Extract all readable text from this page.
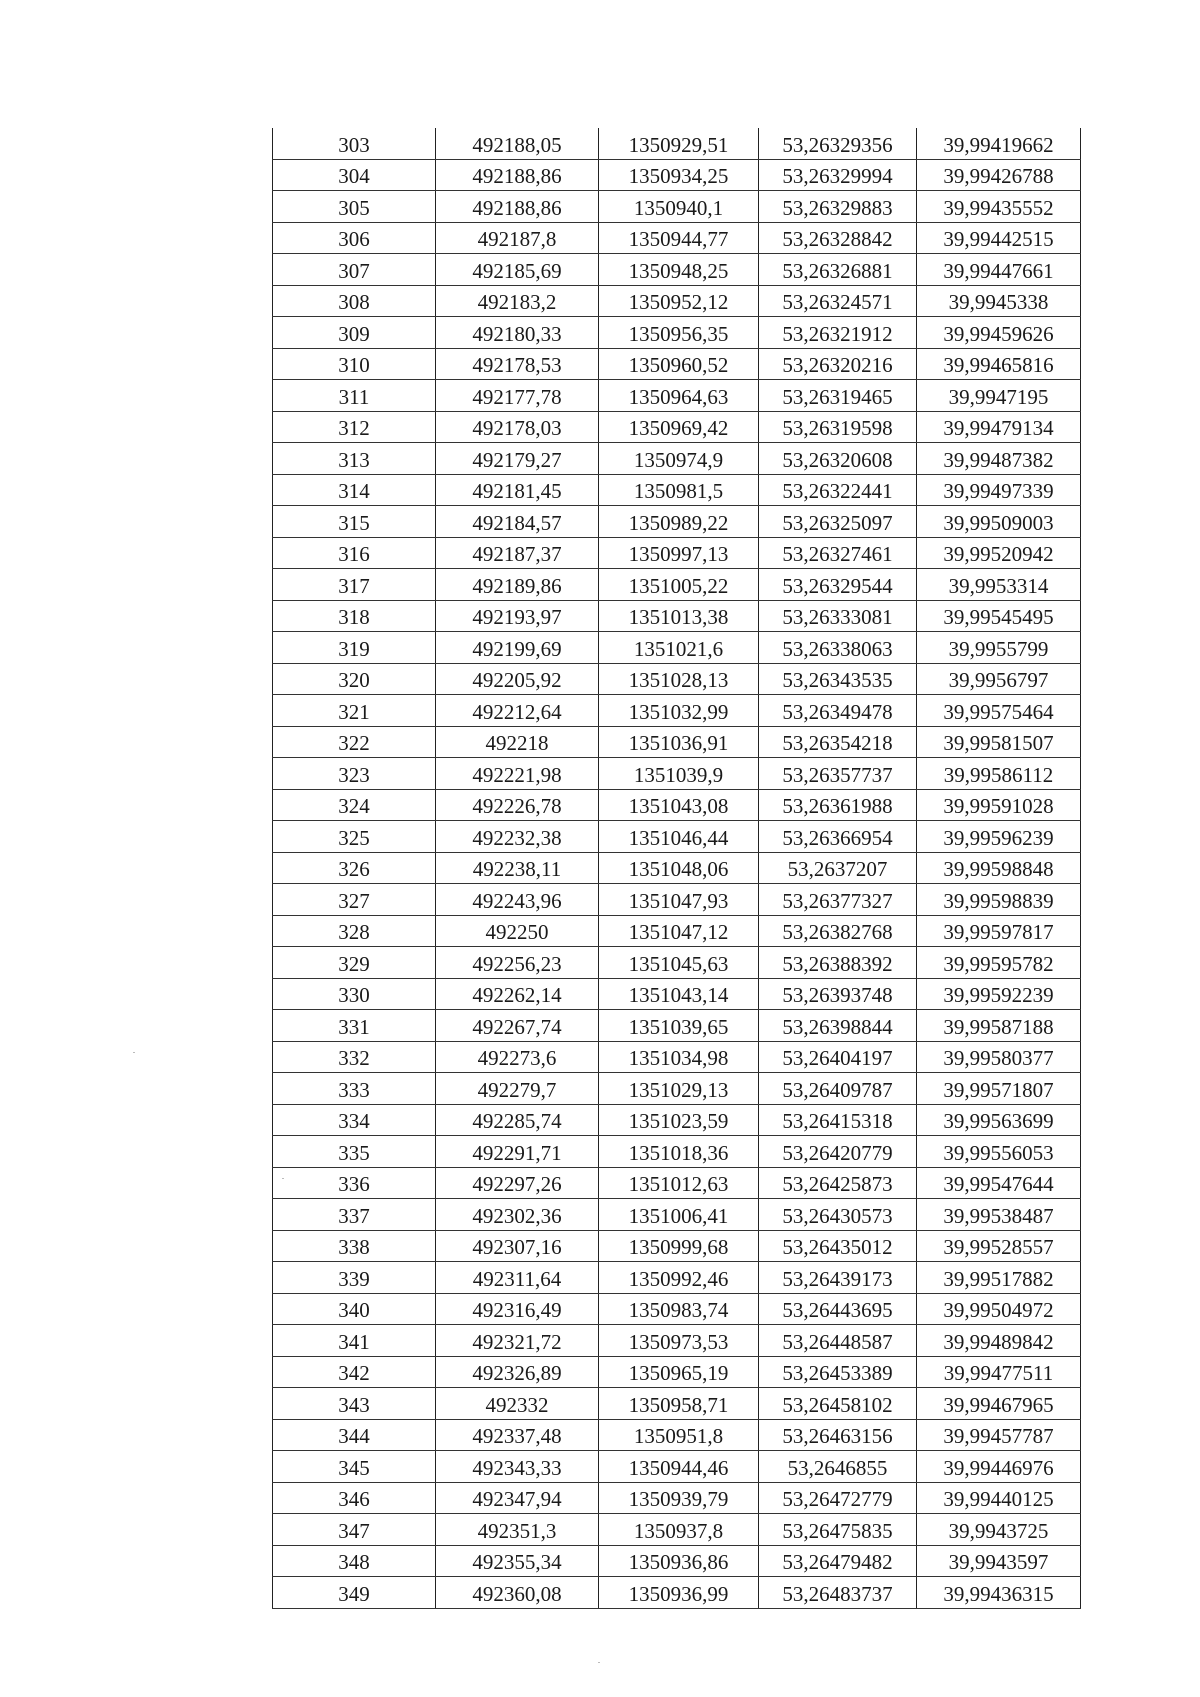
303	492188,05	1350929,51	53,26329356	39,99419662
304	492188,86	1350934,25	53,26329994	39,99426788
305	492188,86	1350940,1	53,26329883	39,99435552
306	492187,8	1350944,77	53,26328842	39,99442515
307	492185,69	1350948,25	53,26326881	39,99447661
308	492183,2	1350952,12	53,26324571	39,9945338
309	492180,33	1350956,35	53,26321912	39,99459626
310	492178,53	1350960,52	53,26320216	39,99465816
311	492177,78	1350964,63	53,26319465	39,9947195
312	492178,03	1350969,42	53,26319598	39,99479134
313	492179,27	1350974,9	53,26320608	39,99487382
314	492181,45	1350981,5	53,26322441	39,99497339
315	492184,57	1350989,22	53,26325097	39,99509003
316	492187,37	1350997,13	53,26327461	39,99520942
317	492189,86	1351005,22	53,26329544	39,9953314
318	492193,97	1351013,38	53,26333081	39,99545495
319	492199,69	1351021,6	53,26338063	39,9955799
320	492205,92	1351028,13	53,26343535	39,9956797
321	492212,64	1351032,99	53,26349478	39,99575464
322	492218	1351036,91	53,26354218	39,99581507
323	492221,98	1351039,9	53,26357737	39,99586112
324	492226,78	1351043,08	53,26361988	39,99591028
325	492232,38	1351046,44	53,26366954	39,99596239
326	492238,11	1351048,06	53,2637207	39,99598848
327	492243,96	1351047,93	53,26377327	39,99598839
328	492250	1351047,12	53,26382768	39,99597817
329	492256,23	1351045,63	53,26388392	39,99595782
330	492262,14	1351043,14	53,26393748	39,99592239
331	492267,74	1351039,65	53,26398844	39,99587188
332	492273,6	1351034,98	53,26404197	39,99580377
333	492279,7	1351029,13	53,26409787	39,99571807
334	492285,74	1351023,59	53,26415318	39,99563699
335	492291,71	1351018,36	53,26420779	39,99556053
336	492297,26	1351012,63	53,26425873	39,99547644
337	492302,36	1351006,41	53,26430573	39,99538487
338	492307,16	1350999,68	53,26435012	39,99528557
339	492311,64	1350992,46	53,26439173	39,99517882
340	492316,49	1350983,74	53,26443695	39,99504972
341	492321,72	1350973,53	53,26448587	39,99489842
342	492326,89	1350965,19	53,26453389	39,99477511
343	492332	1350958,71	53,26458102	39,99467965
344	492337,48	1350951,8	53,26463156	39,99457787
345	492343,33	1350944,46	53,2646855	39,99446976
346	492347,94	1350939,79	53,26472779	39,99440125
347	492351,3	1350937,8	53,26475835	39,9943725
348	492355,34	1350936,86	53,26479482	39,9943597
349	492360,08	1350936,99	53,26483737	39,99436315
